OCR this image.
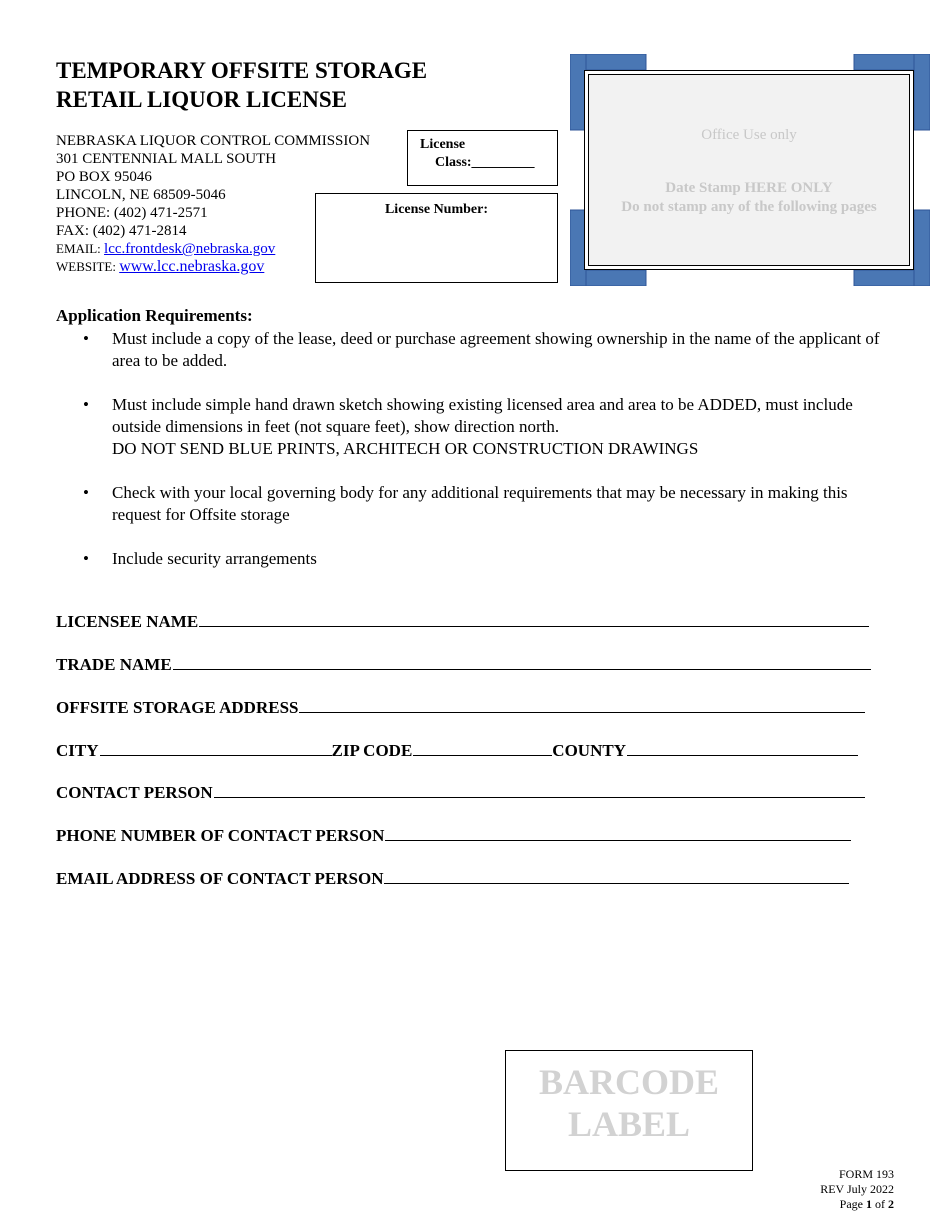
TEMPORARY OFFSITE STORAGE
RETAIL LIQUOR LICENSE
NEBRASKA LIQUOR CONTROL COMMISSION
301 CENTENNIAL MALL SOUTH
PO BOX 95046
LINCOLN, NE 68509-5046
PHONE: (402) 471-2571
FAX: (402) 471-2814
EMAIL: lcc.frontdesk@nebraska.gov
WEBSITE: www.lcc.nebraska.gov
License
Class:_________
License Number:
Office Use only
Date Stamp HERE ONLY
Do not stamp any of the following pages
Application Requirements:
• Must include a copy of the lease, deed or purchase agreement showing ownership in the name of the applicant of area to be added.
• Must include simple hand drawn sketch showing existing licensed area and area to be ADDED, must include outside dimensions in feet (not square feet), show direction north.
DO NOT SEND BLUE PRINTS, ARCHITECH OR CONSTRUCTION DRAWINGS
• Check with your local governing body for any additional requirements that may be necessary in making this request for Offsite storage
• Include security arrangements
LICENSEE NAME
TRADE NAME
OFFSITE STORAGE ADDRESS
CITY	ZIP CODE	COUNTY
CONTACT PERSON
PHONE NUMBER OF CONTACT PERSON
EMAIL ADDRESS OF CONTACT PERSON
BARCODE
LABEL
FORM 193
REV July 2022
Page 1 of 2
